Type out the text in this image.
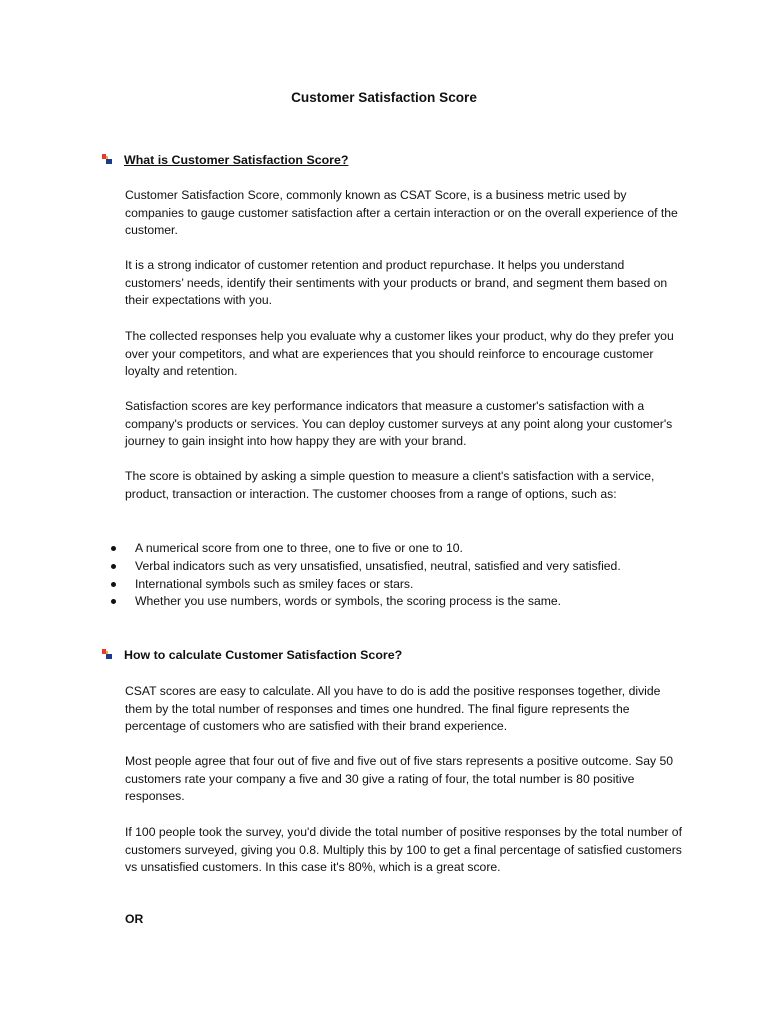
Customer Satisfaction Score
What is Customer Satisfaction Score?

Customer Satisfaction Score, commonly known as CSAT Score, is a business metric used by companies to gauge customer satisfaction after a certain interaction or on the overall experience of the customer.

It is a strong indicator of customer retention and product repurchase. It helps you understand customers’ needs, identify their sentiments with your products or brand, and segment them based on their expectations with you.

The collected responses help you evaluate why a customer likes your product, why do they prefer you over your competitors, and what are experiences that you should reinforce to encourage customer loyalty and retention.

Satisfaction scores are key performance indicators that measure a customer's satisfaction with a company's products or services. You can deploy customer surveys at any point along your customer's journey to gain insight into how happy they are with your brand.

The score is obtained by asking a simple question to measure a client's satisfaction with a service, product, transaction or interaction. The customer chooses from a range of options, such as:

A numerical score from one to three, one to five or one to 10.
Verbal indicators such as very unsatisfied, unsatisfied, neutral, satisfied and very satisfied.
International symbols such as smiley faces or stars.
Whether you use numbers, words or symbols, the scoring process is the same.
How to calculate Customer Satisfaction Score?

CSAT scores are easy to calculate. All you have to do is add the positive responses together, divide them by the total number of responses and times one hundred. The final figure represents the percentage of customers who are satisfied with their brand experience.

Most people agree that four out of five and five out of five stars represents a positive outcome. Say 50 customers rate your company a five and 30 give a rating of four, the total number is 80 positive responses.

If 100 people took the survey, you'd divide the total number of positive responses by the total number of customers surveyed, giving you 0.8. Multiply this by 100 to get a final percentage of satisfied customers vs unsatisfied customers. In this case it's 80%, which is a great score.

OR
